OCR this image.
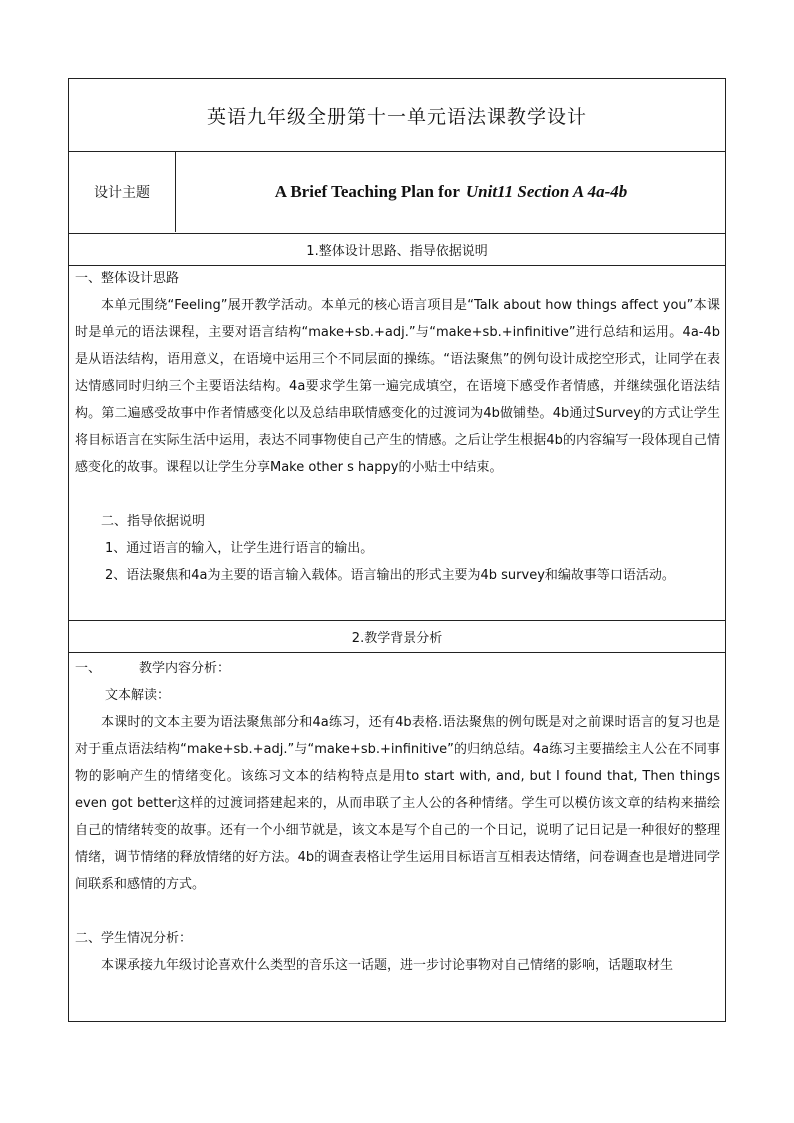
英语九年级全册第十一单元语法课教学设计
设计主题	A Brief Teaching Plan for Unit11 Section A 4a-4b
1.整体设计思路、指导依据说明

一、整体设计思路

本单元围绕“Feeling”展开教学活动。本单元的核心语言项目是“Talk about how things affect you”本课时是单元的语法课程，主要对语言结构“make+sb.+adj.”与“make+sb.+infinitive”进行总结和运用。4a-4b是从语法结构，语用意义，在语境中运用三个不同层面的操练。“语法聚焦”的例句设计成挖空形式，让同学在表达情感同时归纳三个主要语法结构。4a要求学生第一遍完成填空，在语境下感受作者情感，并继续强化语法结构。第二遍感受故事中作者情感变化以及总结串联情感变化的过渡词为4b做铺垫。4b通过Survey的方式让学生将目标语言在实际生活中运用，表达不同事物使自己产生的情感。之后让学生根据4b的内容编写一段体现自己情感变化的故事。课程以让学生分享Make other s happy的小贴士中结束。

二、指导依据说明

1、通过语言的输入，让学生进行语言的输出。

2、语法聚焦和4a为主要的语言输入载体。语言输出的形式主要为4b survey和编故事等口语活动。

2.教学背景分析

一、	教学内容分析：

文本解读：

本课时的文本主要为语法聚焦部分和4a练习，还有4b表格.语法聚焦的例句既是对之前课时语言的复习也是对于重点语法结构“make+sb.+adj.”与“make+sb.+infinitive”的归纳总结。4a练习主要描绘主人公在不同事物的影响产生的情绪变化。该练习文本的结构特点是用to start with, and, but I found that, Then things even got better这样的过渡词搭建起来的，从而串联了主人公的各种情绪。学生可以模仿该文章的结构来描绘自己的情绪转变的故事。还有一个小细节就是，该文本是写个自己的一个日记，说明了记日记是一种很好的整理情绪，调节情绪的释放情绪的好方法。4b的调查表格让学生运用目标语言互相表达情绪，问卷调查也是增进同学间联系和感情的方式。

二、学生情况分析：

本课承接九年级讨论喜欢什么类型的音乐这一话题，进一步讨论事物对自己情绪的影响，话题取材生
